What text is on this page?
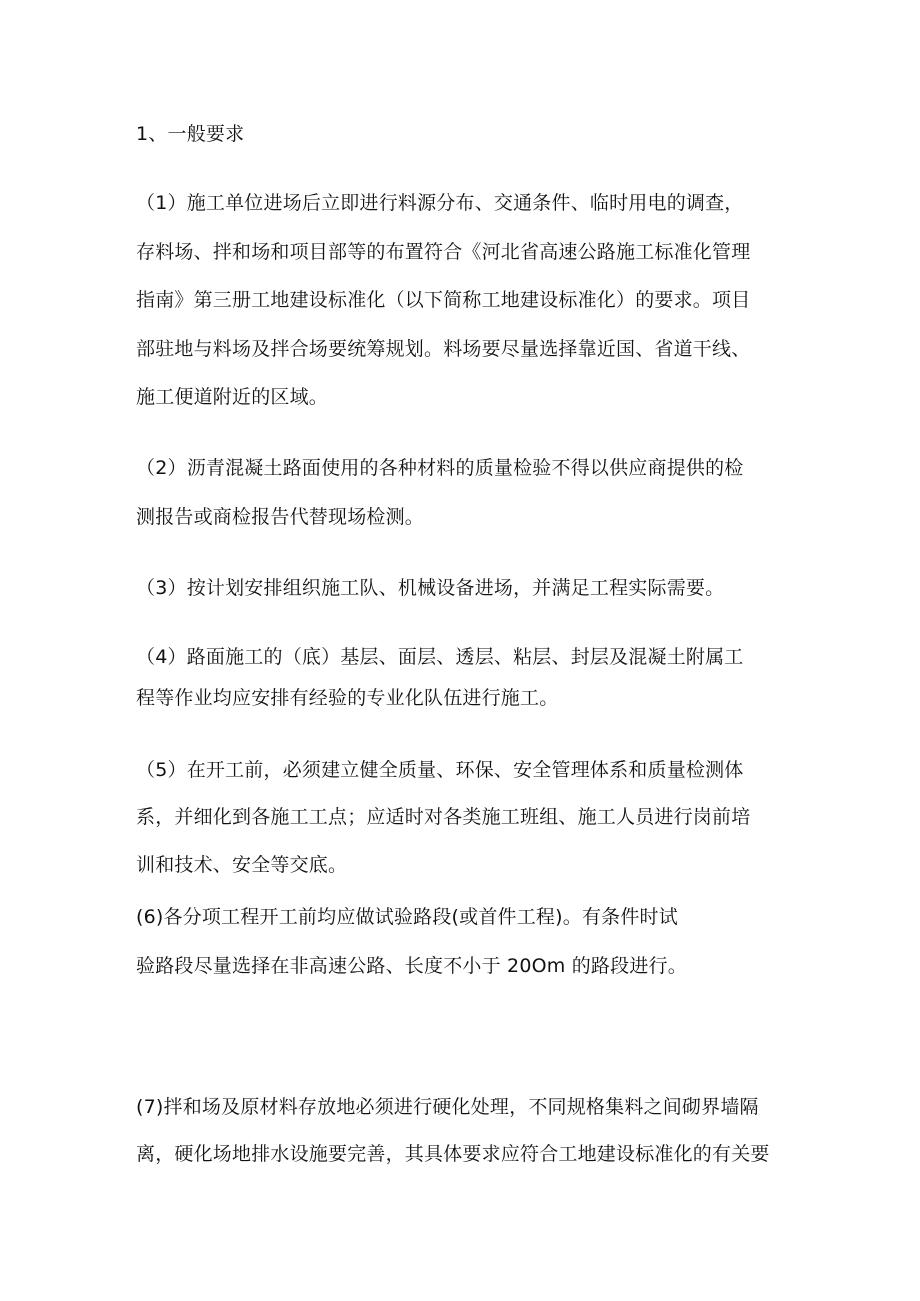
1、一般要求
（1）施工单位进场后立即进行料源分布、交通条件、临时用电的调查，
存料场、拌和场和项目部等的布置符合《河北省高速公路施工标准化管理
指南》第三册工地建设标准化（以下简称工地建设标准化）的要求。项目
部驻地与料场及拌合场要统筹规划。料场要尽量选择靠近国、省道干线、
施工便道附近的区域。
（2）沥青混凝土路面使用的各种材料的质量检验不得以供应商提供的检
测报告或商检报告代替现场检测。
（3）按计划安排组织施工队、机械设备进场，并满足工程实际需要。
（4）路面施工的（底）基层、面层、透层、粘层、封层及混凝土附属工
程等作业均应安排有经验的专业化队伍进行施工。
（5）在开工前，必须建立健全质量、环保、安全管理体系和质量检测体
系，并细化到各施工工点；应适时对各类施工班组、施工人员进行岗前培
训和技术、安全等交底。
(6)各分项工程开工前均应做试验路段(或首件工程)。有条件时试
验路段尽量选择在非高速公路、长度不小于 20Om 的路段进行。
(7)拌和场及原材料存放地必须进行硬化处理，不同规格集料之间砌界墙隔
离，硬化场地排水设施要完善，其具体要求应符合工地建设标准化的有关要
